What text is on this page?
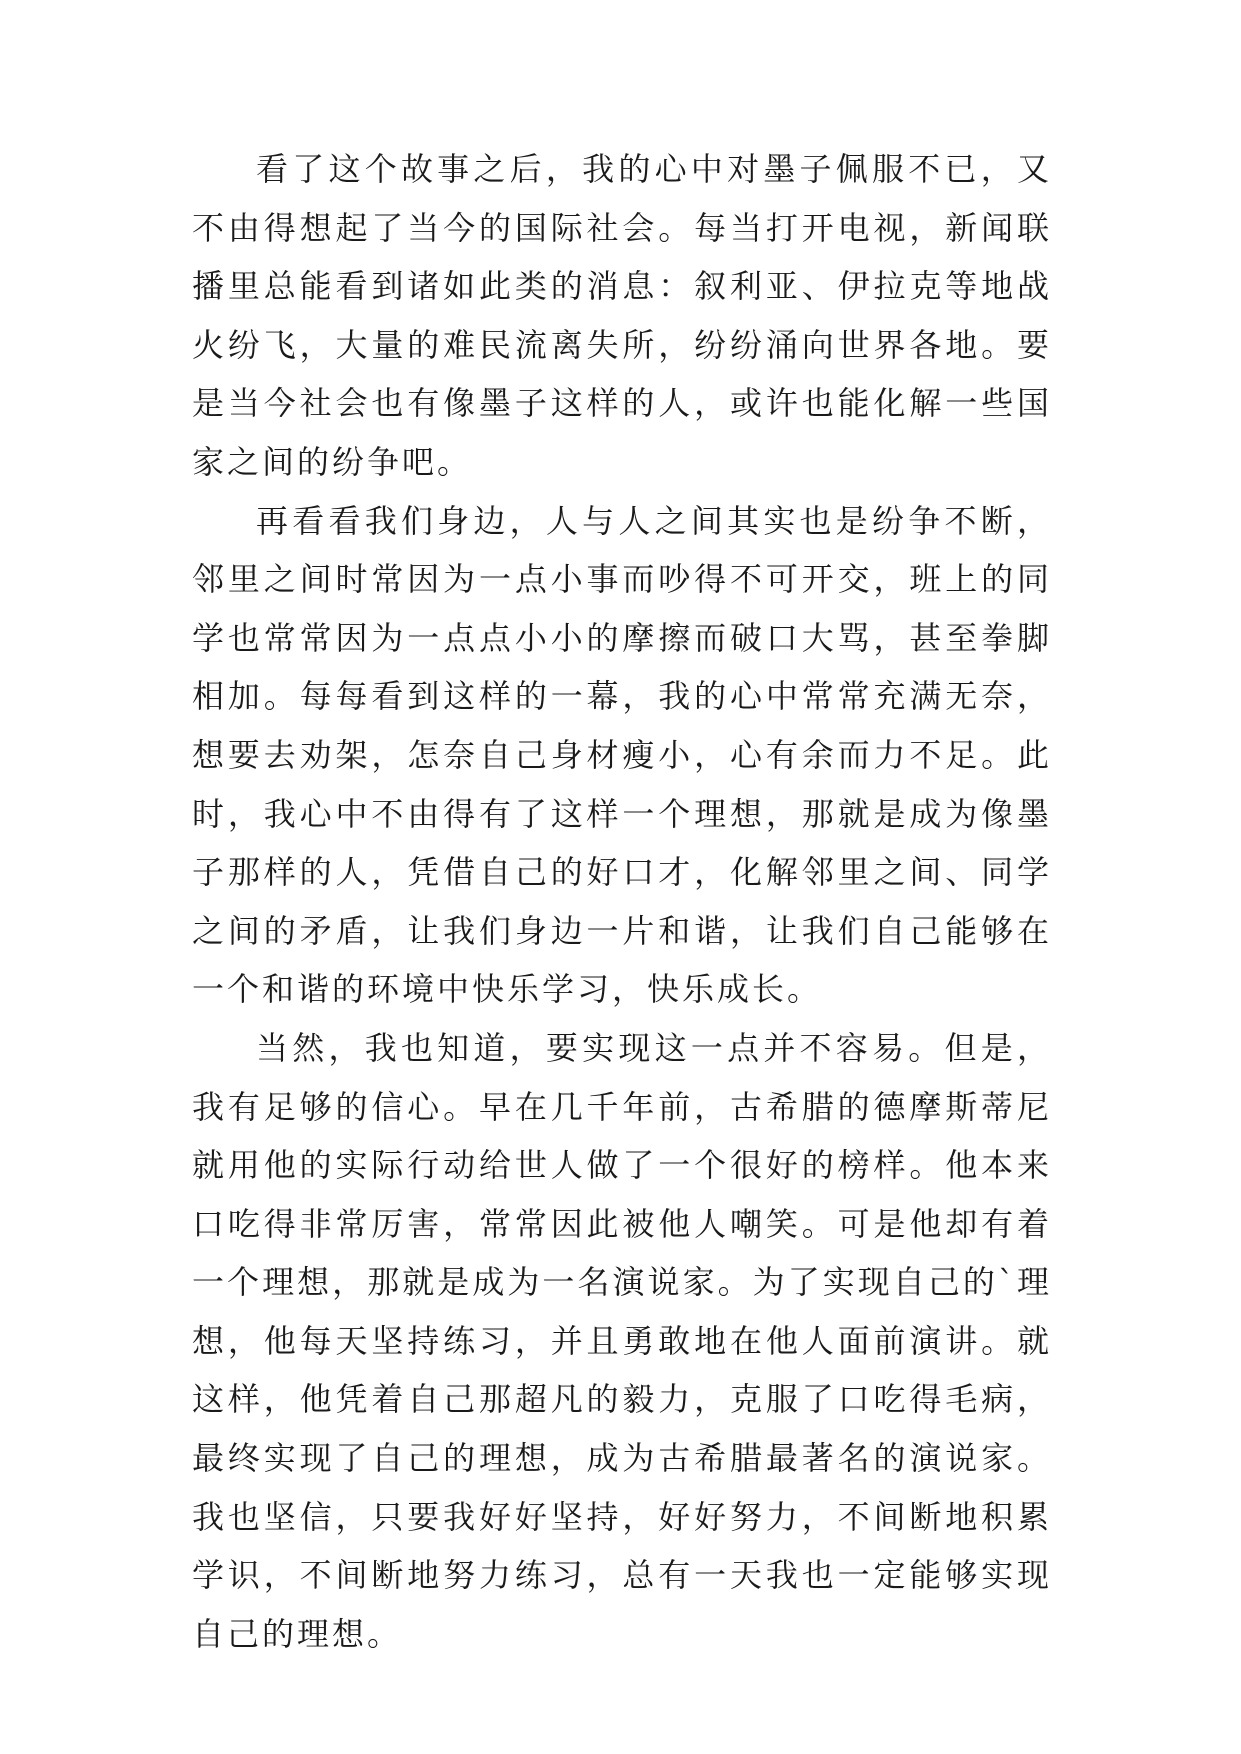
看了这个故事之后，我的心中对墨子佩服不已，又不由得想起了当今的国际社会。每当打开电视，新闻联播里总能看到诸如此类的消息：叙利亚、伊拉克等地战火纷飞，大量的难民流离失所，纷纷涌向世界各地。要是当今社会也有像墨子这样的人，或许也能化解一些国家之间的纷争吧。

再看看我们身边，人与人之间其实也是纷争不断，邻里之间时常因为一点小事而吵得不可开交，班上的同学也常常因为一点点小小的摩擦而破口大骂，甚至拳脚相加。每每看到这样的一幕，我的心中常常充满无奈，想要去劝架，怎奈自己身材瘦小，心有余而力不足。此时，我心中不由得有了这样一个理想，那就是成为像墨子那样的人，凭借自己的好口才，化解邻里之间、同学之间的矛盾，让我们身边一片和谐，让我们自己能够在一个和谐的环境中快乐学习，快乐成长。

当然，我也知道，要实现这一点并不容易。但是，我有足够的信心。早在几千年前，古希腊的德摩斯蒂尼就用他的实际行动给世人做了一个很好的榜样。他本来口吃得非常厉害，常常因此被他人嘲笑。可是他却有着一个理想，那就是成为一名演说家。为了实现自己的`理想，他每天坚持练习，并且勇敢地在他人面前演讲。就这样，他凭着自己那超凡的毅力，克服了口吃得毛病，最终实现了自己的理想，成为古希腊最著名的演说家。我也坚信，只要我好好坚持，好好努力，不间断地积累学识，不间断地努力练习，总有一天我也一定能够实现自己的理想。
